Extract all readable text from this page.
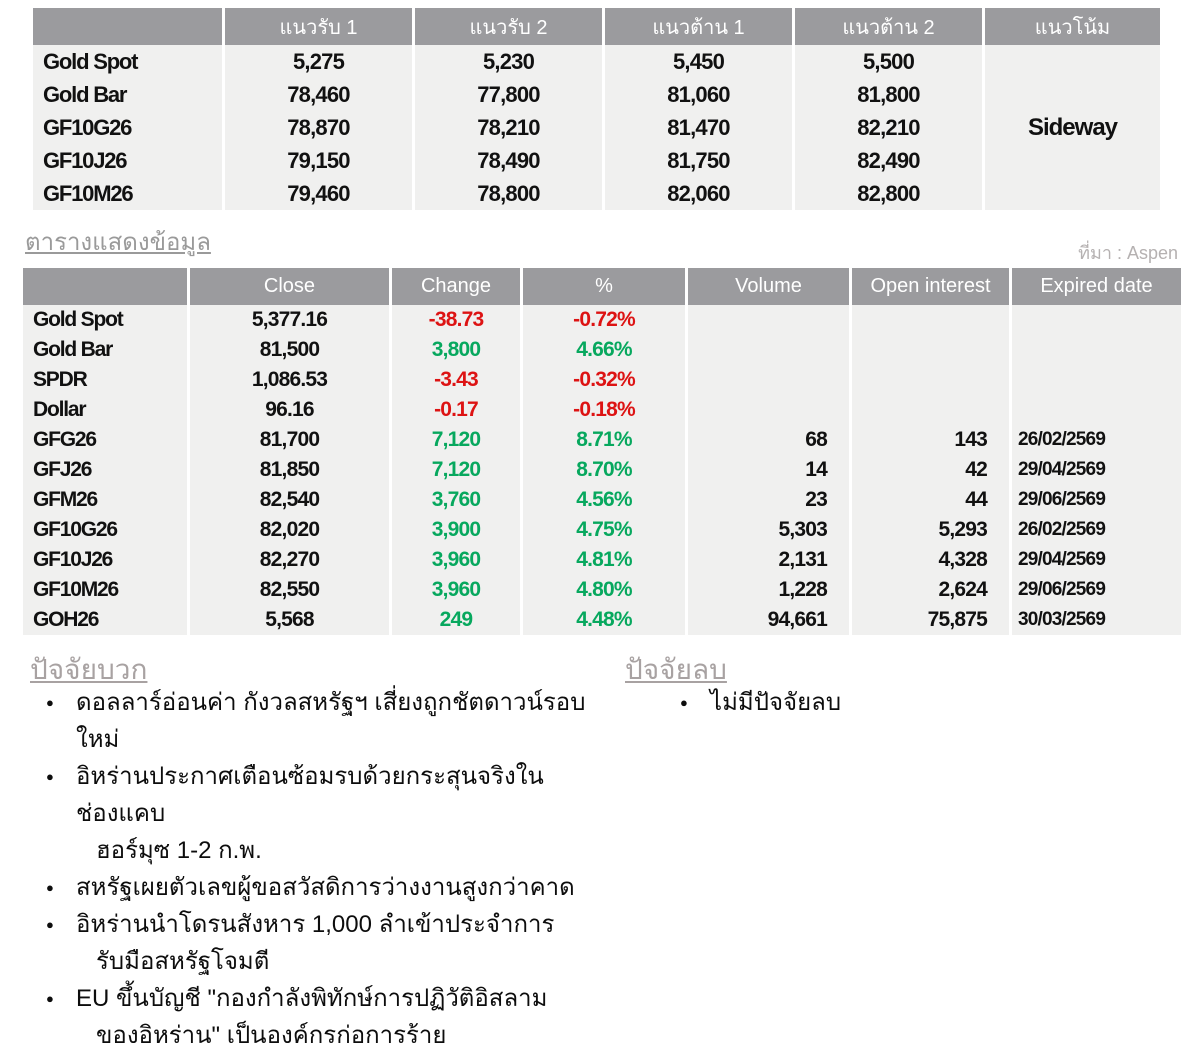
แนวรับ 1	แนวรับ 2	แนวต้าน 1	แนวต้าน 2	แนวโน้ม
Sideway
Gold Spot	5,275	5,230	5,450	5,500
Gold Bar	78,460	77,800	81,060	81,800
GF10G26	78,870	78,210	81,470	82,210
GF10J26	79,150	78,490	81,750	82,490
GF10M26	79,460	78,800	82,060	82,800
ตารางแสดงข้อมูล	ที่มา : Aspen
Close	Change	%	Volume	Open interest	Expired date
Gold Spot	5,377.16	-38.73	-0.72%
Gold Bar	81,500	3,800	4.66%
SPDR	1,086.53	-3.43	-0.32%
Dollar	96.16	-0.17	-0.18%
GFG26	81,700	7,120	8.71%	68	143	26/02/2569
GFJ26	81,850	7,120	8.70%	14	42	29/04/2569
GFM26	82,540	3,760	4.56%	23	44	29/06/2569
GF10G26	82,020	3,900	4.75%	5,303	5,293	26/02/2569
GF10J26	82,270	3,960	4.81%	2,131	4,328	29/04/2569
GF10M26	82,550	3,960	4.80%	1,228	2,624	29/06/2569
GOH26	5,568	249	4.48%	94,661	75,875	30/03/2569
ปัจจัยบวก
● ดอลลาร์อ่อนค่า กังวลสหรัฐฯ เสี่ยงถูกชัตดาวน์รอบใหม่
● อิหร่านประกาศเตือนซ้อมรบด้วยกระสุนจริงในช่องแคบ
ฮอร์มุซ 1-2 ก.พ.
● สหรัฐเผยตัวเลขผู้ขอสวัสดิการว่างงานสูงกว่าคาด
● อิหร่านนำโดรนสังหาร 1,000 ลำเข้าประจำการ
รับมือสหรัฐโจมตี
● EU ขึ้นบัญชี "กองกำลังพิทักษ์การปฏิวัติอิสลาม
ของอิหร่าน" เป็นองค์กรก่อการร้าย
ปัจจัยลบ
● ไม่มีปัจจัยลบ
